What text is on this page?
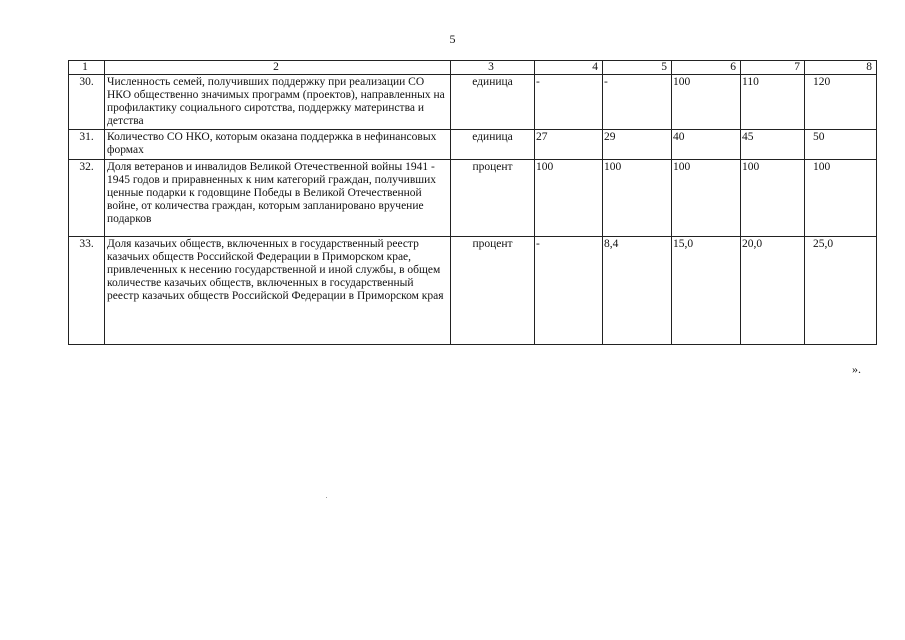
5
1	2	3	4	5	6	7	8
30.	Численность семей, получивших поддержку при реализации СО НКО общественно значимых программ (проектов), направленных на профилактику социального сиротства, поддержку материнства и детства	единица	-	-	100	110	120
31.	Количество СО НКО, которым оказана поддержка в нефинансовых формах	единица	27	29	40	45	50
32.	Доля ветеранов и инвалидов Великой Отечественной войны 1941 - 1945 годов и приравненных к ним категорий граждан, получивших ценные подарки к годовщине Победы в Великой Отечественной войне, от количества граждан, которым запланировано вручение подарков	процент	100	100	100	100	100
33.	Доля казачьих обществ, включенных в государственный реестр казачьих обществ Российской Федерации в Приморском крае, привлеченных к несению государственной и иной службы, в общем количестве казачьих обществ, включенных в государственный реестр казачьих обществ Российской Федерации в Приморском края	процент	-	8,4	15,0	20,0	25,0
».
